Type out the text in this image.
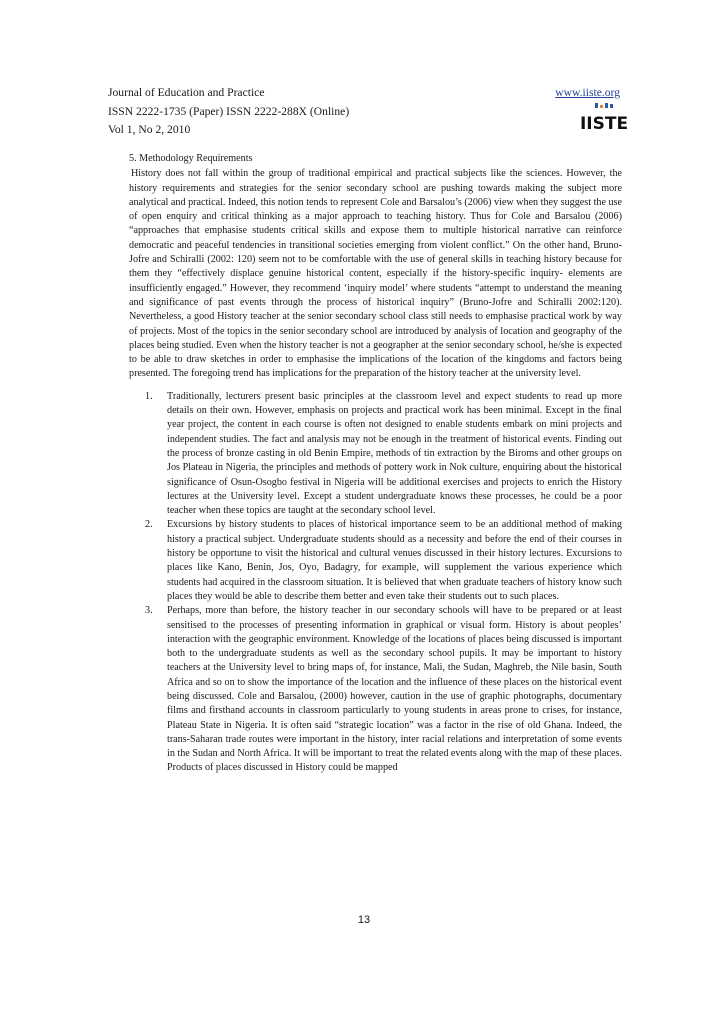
Journal of Education and Practice	www.iiste.org
ISSN 2222-1735 (Paper) ISSN 2222-288X (Online)
Vol 1, No 2, 2010	IISTE
5. Methodology Requirements

History does not fall within the group of traditional empirical and practical subjects like the sciences. However, the history requirements and strategies for the senior secondary school are pushing towards making the subject more analytical and practical. Indeed, this notion tends to represent Cole and Barsalou’s (2006) view when they suggest the use of open enquiry and critical thinking as a major approach to teaching history. Thus for Cole and Barsalou (2006) “approaches that emphasise students critical skills and expose them to multiple historical narrative can reinforce democratic and peaceful tendencies in transitional societies emerging from violent conflict.” On the other hand, Bruno-Jofre and Schiralli (2002: 120) seem not to be comfortable with the use of general skills in teaching history because for them they “effectively displace genuine historical content, especially if the history-specific inquiry- elements are insufficiently engaged.” However, they recommend ‘inquiry model’ where students “attempt to understand the meaning and significance of past events through the process of historical inquiry” (Bruno-Jofre and Schiralli 2002:120). Nevertheless, a good History teacher at the senior secondary school class still needs to emphasise practical work by way of projects. Most of the topics in the senior secondary school are introduced by analysis of location and geography of the places being studied. Even when the history teacher is not a geographer at the senior secondary school, he/she is expected to be able to draw sketches in order to emphasise the implications of the location of the kingdoms and factors being presented. The foregoing trend has implications for the preparation of the history teacher at the university level.

1. Traditionally, lecturers present basic principles at the classroom level and expect students to read up more details on their own. However, emphasis on projects and practical work has been minimal. Except in the final year project, the content in each course is often not designed to enable students embark on mini projects and independent studies. The fact and analysis may not be enough in the treatment of historical events. Finding out the process of bronze casting in old Benin Empire, methods of tin extraction by the Biroms and other groups on Jos Plateau in Nigeria, the principles and methods of pottery work in Nok culture, enquiring about the historical significance of Osun-Osogbo festival in Nigeria will be additional exercises and projects to enrich the History lectures at the University level. Except a student undergraduate knows these processes, he could be a poor teacher when these topics are taught at the secondary school level.
2. Excursions by history students to places of historical importance seem to be an additional method of making history a practical subject. Undergraduate students should as a necessity and before the end of their courses in history be opportune to visit the historical and cultural venues discussed in their history lectures. Excursions to places like Kano, Benin, Jos, Oyo, Badagry, for example, will supplement the various experience which students had acquired in the classroom situation. It is believed that when graduate teachers of history know such places they would be able to describe them better and even take their students out to such places.
3. Perhaps, more than before, the history teacher in our secondary schools will have to be prepared or at least sensitised to the processes of presenting information in graphical or visual form. History is about peoples’ interaction with the geographic environment. Knowledge of the locations of places being discussed is important both to the undergraduate students as well as the secondary school pupils. It may be important to history teachers at the University level to bring maps of, for instance, Mali, the Sudan, Maghreb, the Nile basin, South Africa and so on to show the importance of the location and the influence of these places on the historical event being discussed. Cole and Barsalou, (2000) however, caution in the use of graphic photographs, documentary films and firsthand accounts in classroom particularly to young students in areas prone to crises, for instance, Plateau State in Nigeria. It is often said “strategic location” was a factor in the rise of old Ghana. Indeed, the trans-Saharan trade routes were important in the history, inter racial relations and interpretation of some events in the Sudan and North Africa. It will be important to treat the related events along with the map of these places. Products of places discussed in History could be mapped
13
